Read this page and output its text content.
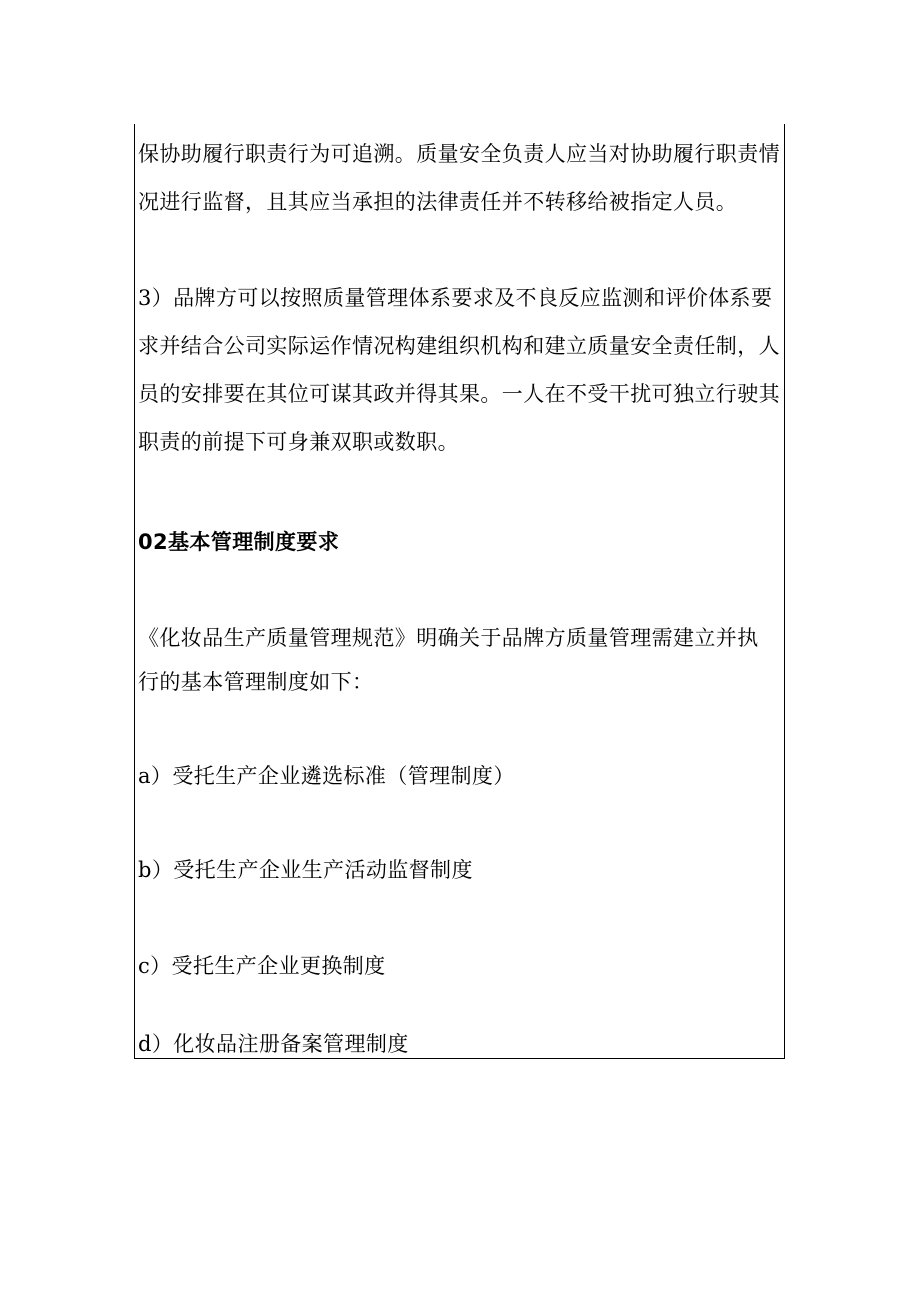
保协助履行职责行为可追溯。质量安全负责人应当对协助履行职责情
况进行监督，且其应当承担的法律责任并不转移给被指定人员。
3）品牌方可以按照质量管理体系要求及不良反应监测和评价体系要
求并结合公司实际运作情况构建组织机构和建立质量安全责任制，人
员的安排要在其位可谋其政并得其果。一人在不受干扰可独立行驶其
职责的前提下可身兼双职或数职。
02基本管理制度要求
《化妆品生产质量管理规范》明确关于品牌方质量管理需建立并执
行的基本管理制度如下：
a）受托生产企业遴选标准（管理制度）
b）受托生产企业生产活动监督制度
c）受托生产企业更换制度
d）化妆品注册备案管理制度
